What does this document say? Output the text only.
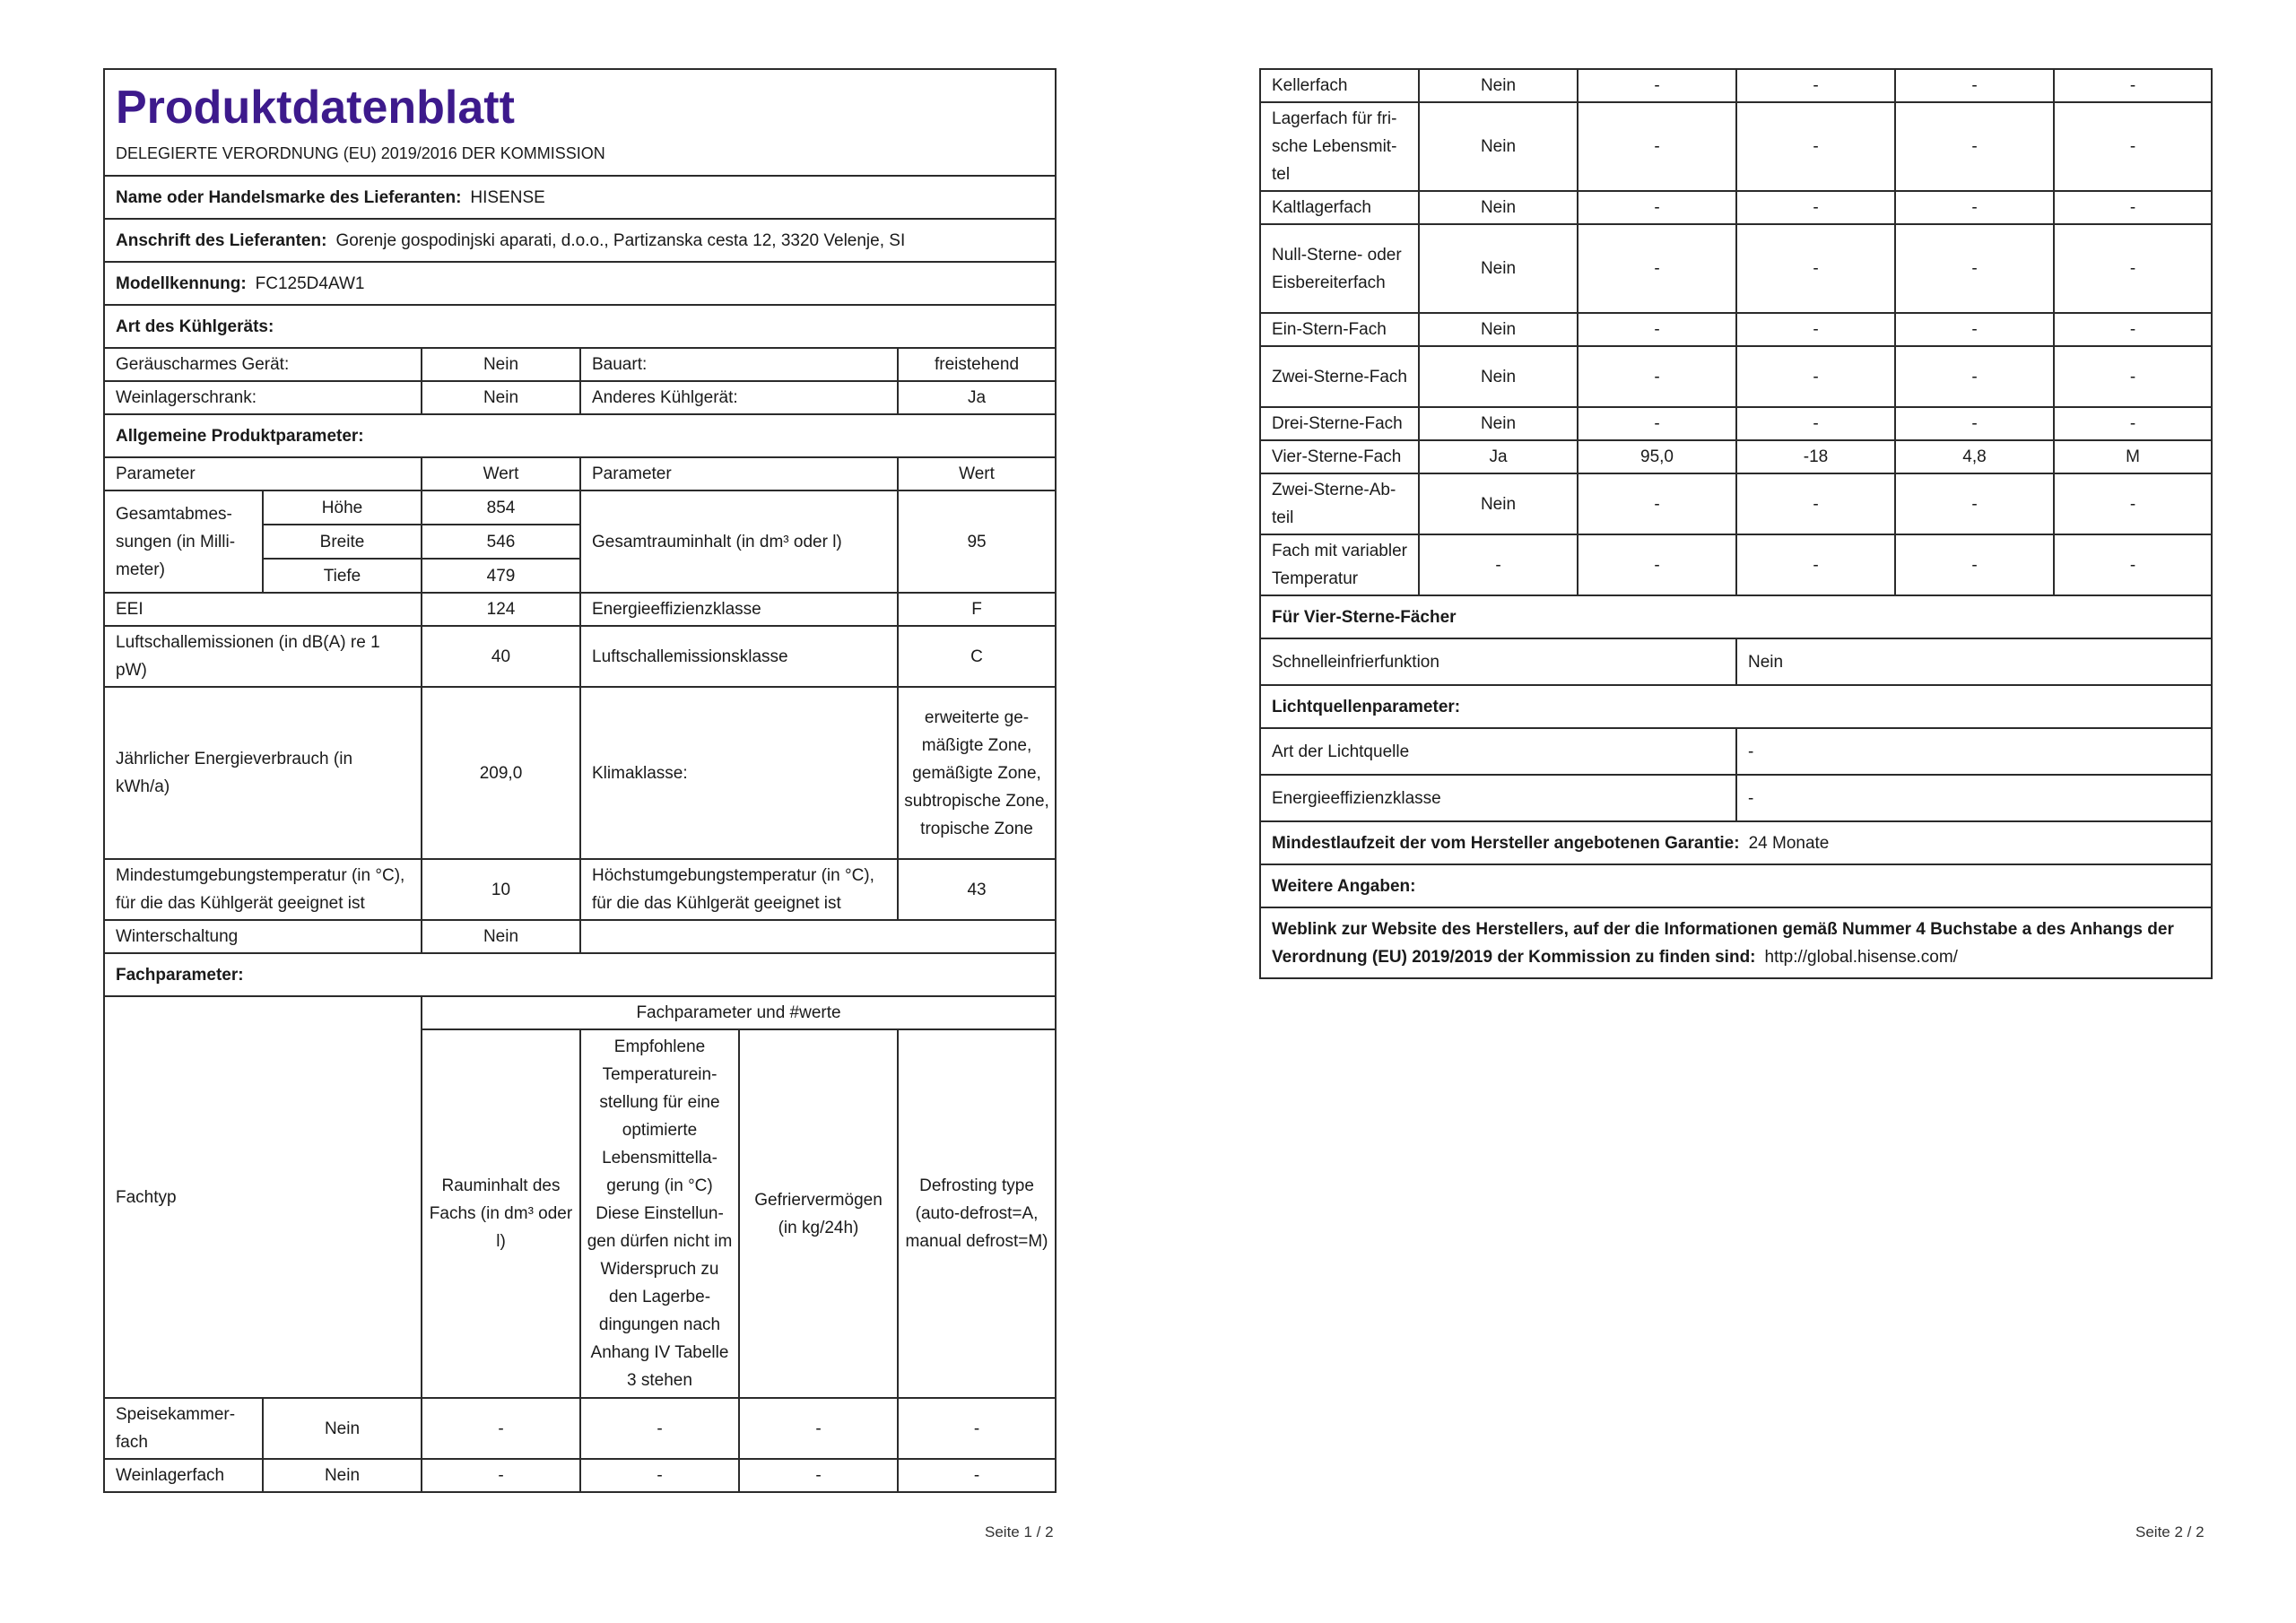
Produktdatenblatt
DELEGIERTE VERORDNUNG (EU) 2019/2016 DER KOMMISSION					

Name oder Handelsmarke des Lieferanten: HISENSE					
Anschrift des Lieferanten: Gorenje gospodinjski aparati, d.o.o., Partizanska cesta 12, 3320 Velenje, SI					
Modellkennung: FC125D4AW1					
Art des Kühlgeräts:					
Geräuscharmes Gerät:		Nein	Bauart:		freistehend
Weinlagerschrank:		Nein	Anderes Kühlgerät:		Ja
Allgemeine Produktparameter:					
Parameter		Wert	Parameter		Wert
Gesamtabmessungen (in Millimeter)	Höhe	854	Gesamtrauminhalt (in dm³ oder l)		95
	Breite	546			
	Tiefe	479			
EEI		124	Energieeffizienzklasse		F
Luftschallemissionen (in dB(A) re 1 pW)		40	Luftschallemissionsklasse		C
Jährlicher Energieverbrauch (in kWh/a)		209,0	Klimaklasse:		erweiterte gemäßigte Zone, gemäßigte Zone, subtropische Zone, tropische Zone
Mindestumgebungstemperatur (in °C), für die das Kühlgerät geeignet ist		10	Höchstumgebungstemperatur (in °C), für die das Kühlgerät geeignet ist		43
Winterschaltung		Nein			
Fachparameter:					
Fachtyp		Fachparameter und #werte			
		Rauminhalt des Fachs (in dm³ oder l)	Empfohlene Temperatureinstellung für eine optimierte Lebensmittellagerung (in °C) Diese Einstellungen dürfen nicht im Widerspruch zu den Lagerbedingungen nach Anhang IV Tabelle 3 stehen	Gefriervermögen (in kg/24h)	Defrosting type (auto-defrost=A, manual defrost=M)
Speisekammerfach	Nein	-	-	-	-
Weinlagerfach	Nein	-	-	-	-
Seite 1 / 2
Kellerfach	Nein	-	-	-	-
Lagerfach für frische Lebensmittel	Nein	-	-	-	-
Kaltlagerfach	Nein	-	-	-	-
Null-Sterne- oder Eisbereiterfach	Nein	-	-	-	-
Ein-Stern-Fach	Nein	-	-	-	-
Zwei-Sterne-Fach	Nein	-	-	-	-
Drei-Sterne-Fach	Nein	-	-	-	-
Vier-Sterne-Fach	Ja	95,0	-18	4,8	M
Zwei-Sterne-Abteil	Nein	-	-	-	-
Fach mit variabler Temperatur	-	-	-	-	-
Für Vier-Sterne-Fächer					
Schnelleinfrierfunktion			Nein		
Lichtquellenparameter:					
Art der Lichtquelle			-		
Energieeffizienzklasse			-		
Mindestlaufzeit der vom Hersteller angebotenen Garantie: 24 Monate					
Weitere Angaben:					
Weblink zur Website des Herstellers, auf der die Informationen gemäß Nummer 4 Buchstabe a des Anhangs der Verordnung (EU) 2019/2019 der Kommission zu finden sind: http://global.hisense.com/					
Seite 2 / 2
